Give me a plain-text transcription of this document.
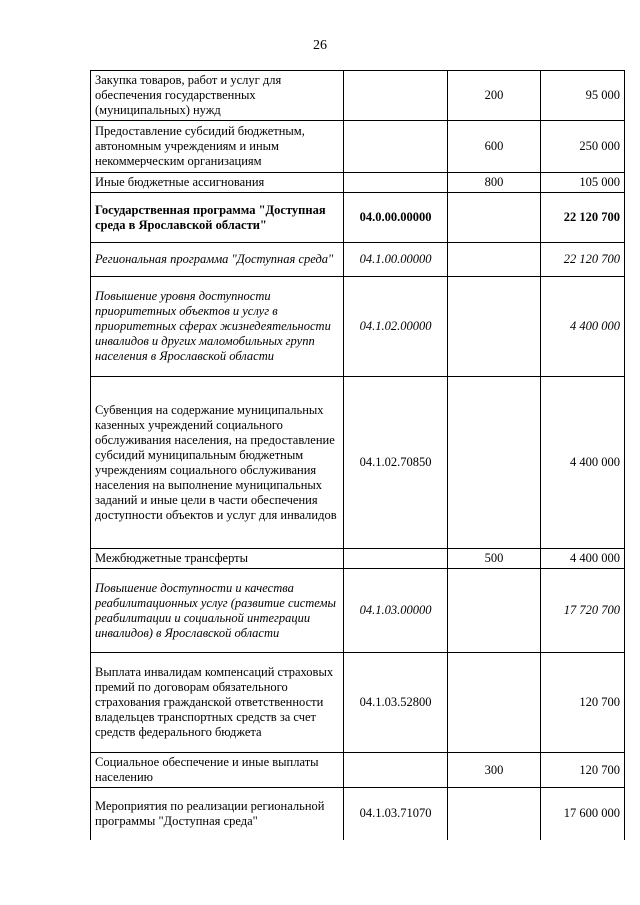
26
Закупка товаров, работ и услуг для обеспечения государственных (муниципальных) нужд		200	95 000
Предоставление субсидий бюджетным, автономным учреждениям и иным некоммерческим организациям		600	250 000
Иные бюджетные ассигнования		800	105 000
Государственная программа "Доступная среда в Ярославской области"	04.0.00.00000		22 120 700
Региональная программа "Доступная среда"	04.1.00.00000		22 120 700
Повышение уровня доступности приоритетных объектов и услуг в приоритетных сферах жизнедеятельности инвалидов и других маломобильных групп населения в Ярославской области	04.1.02.00000		4 400 000
Субвенция на содержание муниципальных казенных учреждений социального обслуживания населения, на предоставление субсидий муниципальным бюджетным учреждениям социального обслуживания населения на выполнение муниципальных заданий и иные цели в части обеспечения доступности объектов и услуг для инвалидов	04.1.02.70850		4 400 000
Межбюджетные трансферты		500	4 400 000
Повышение доступности и качества реабилитационных услуг (развитие системы реабилитации и социальной интеграции инвалидов) в Ярославской области	04.1.03.00000		17 720 700
Выплата инвалидам компенсаций страховых премий по договорам обязательного страхования гражданской ответственности владельцев транспортных средств за счет средств федерального бюджета	04.1.03.52800		120 700
Социальное обеспечение и иные выплаты населению		300	120 700
Мероприятия по реализации региональной программы "Доступная среда"	04.1.03.71070		17 600 000
